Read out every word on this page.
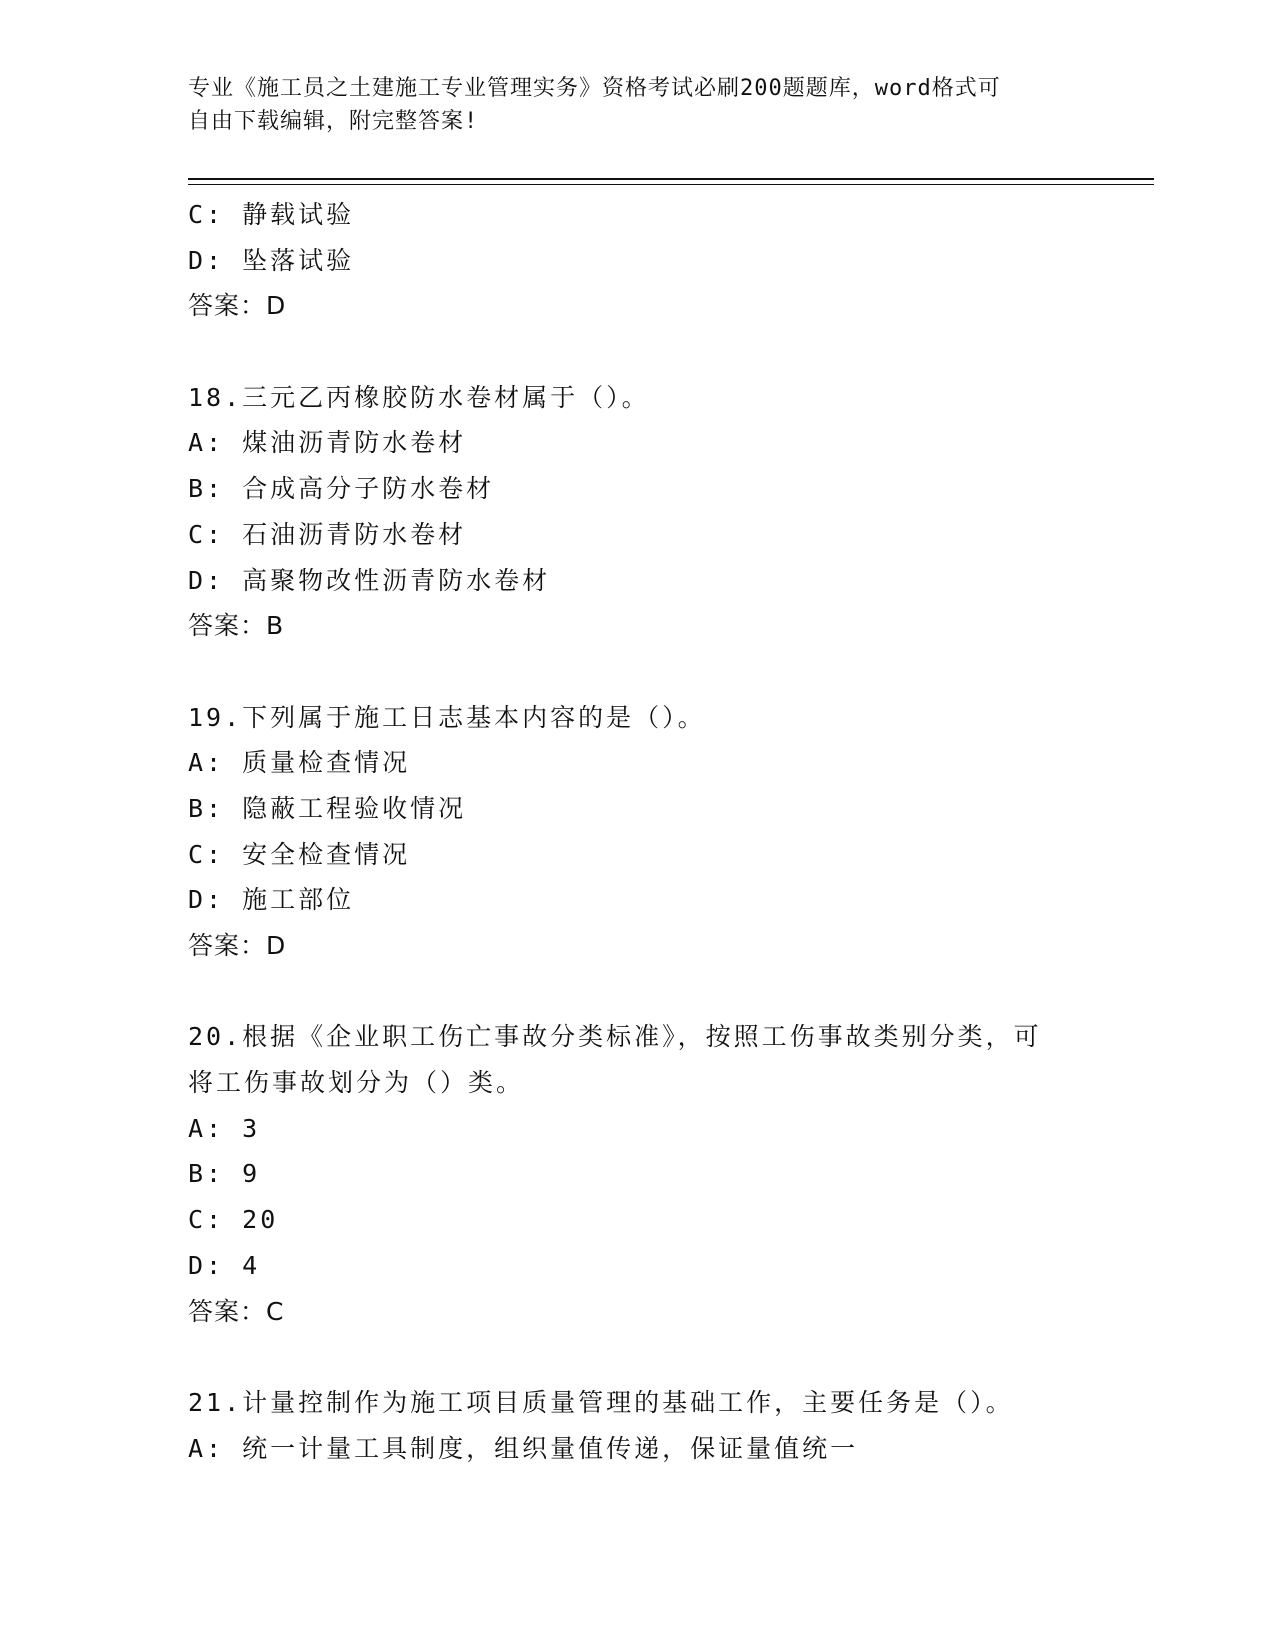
专业《施工员之土建施工专业管理实务》资格考试必刷200题题库，word格式可
自由下载编辑，附完整答案!
C: 静载试验
D: 坠落试验
答案：D
18.三元乙丙橡胶防水卷材属于（）。
A: 煤油沥青防水卷材
B: 合成高分子防水卷材
C: 石油沥青防水卷材
D: 高聚物改性沥青防水卷材
答案：B
19.下列属于施工日志基本内容的是（）。
A: 质量检查情况
B: 隐蔽工程验收情况
C: 安全检查情况
D: 施工部位
答案：D
20.根据《企业职工伤亡事故分类标准》，按照工伤事故类别分类，可
将工伤事故划分为（）类。
A: 3
B: 9
C: 20
D: 4
答案：C
21.计量控制作为施工项目质量管理的基础工作，主要任务是（）。
A: 统一计量工具制度，组织量值传递，保证量值统一
